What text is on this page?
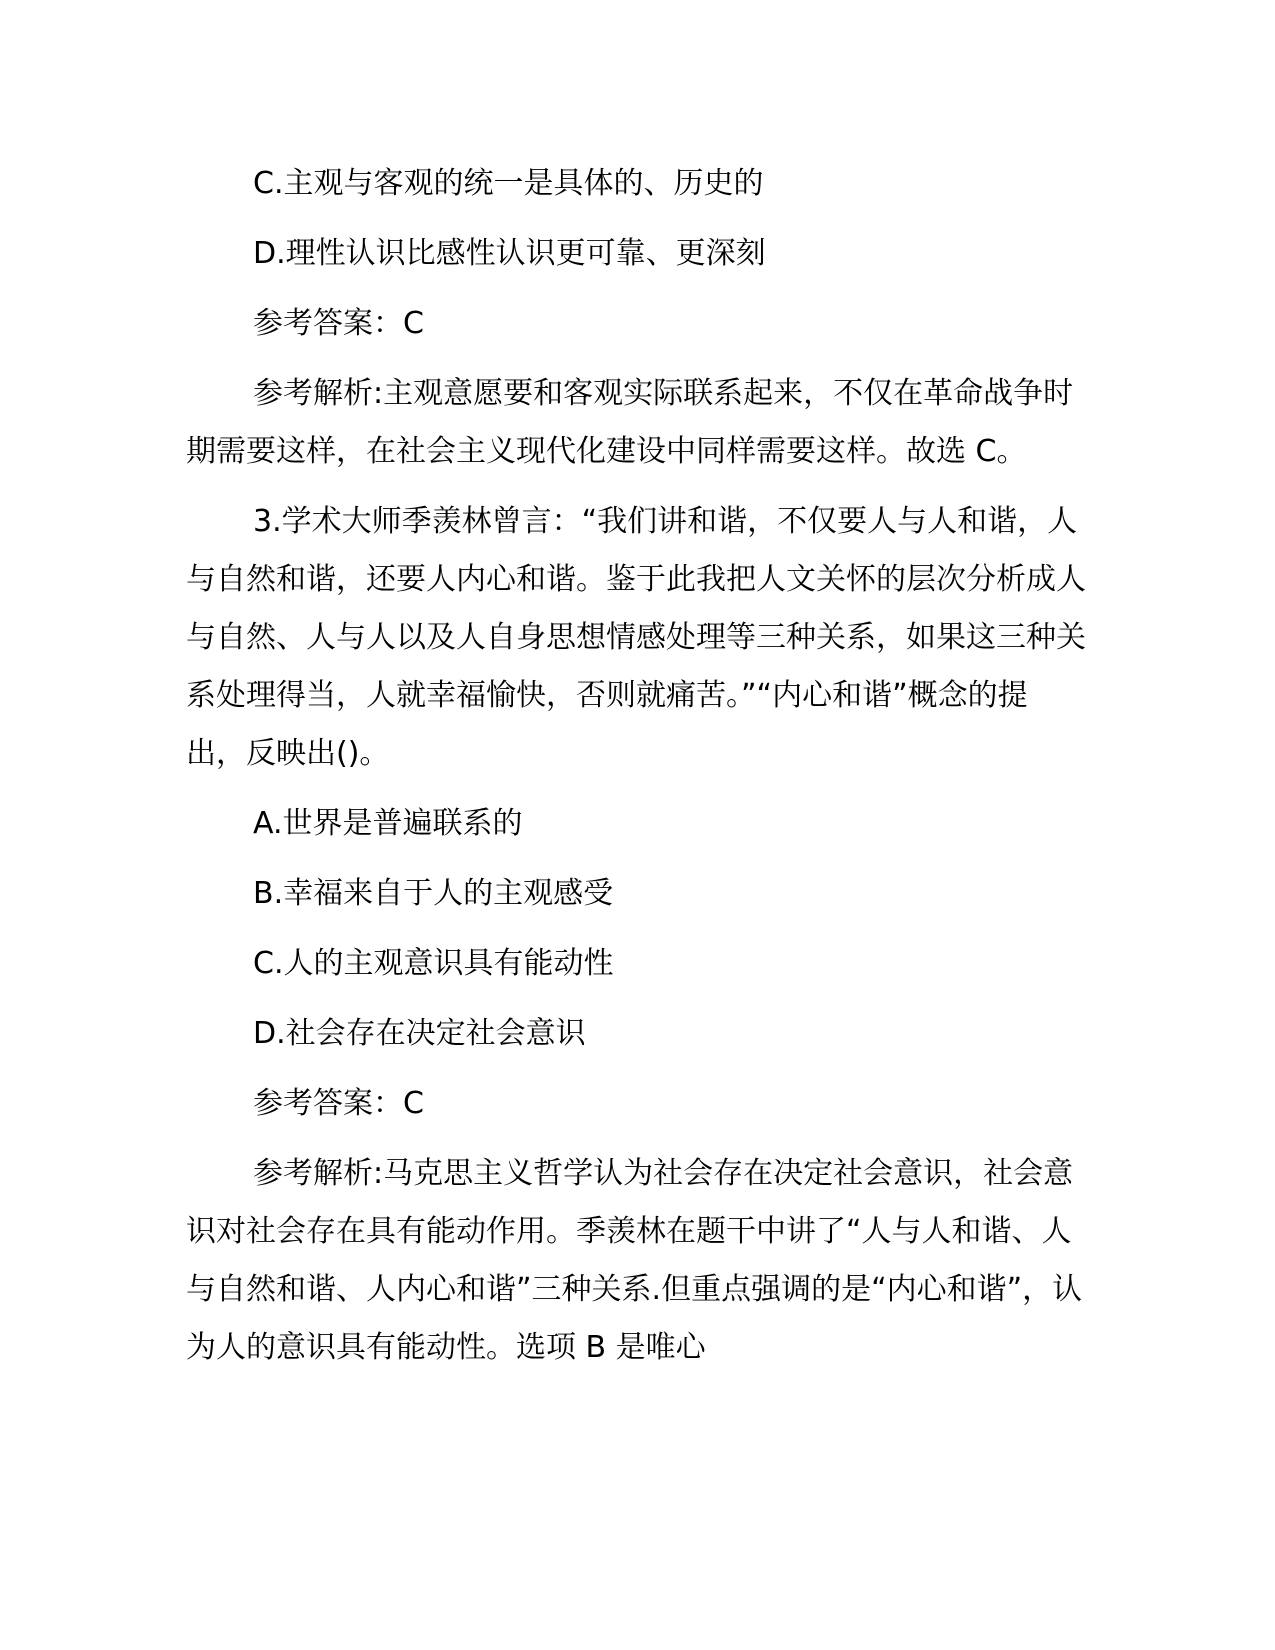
C.主观与客观的统一是具体的、历史的

D.理性认识比感性认识更可靠、更深刻

参考答案：C

参考解析:主观意愿要和客观实际联系起来，不仅在革命战争时期需要这样，在社会主义现代化建设中同样需要这样。故选 C。

3.学术大师季羡林曾言：“我们讲和谐，不仅要人与人和谐，人与自然和谐，还要人内心和谐。鉴于此我把人文关怀的层次分析成人与自然、人与人以及人自身思想情感处理等三种关系，如果这三种关系处理得当，人就幸福愉快，否则就痛苦。”“内心和谐”概念的提出，反映出()。

A.世界是普遍联系的

B.幸福来自于人的主观感受

C.人的主观意识具有能动性

D.社会存在决定社会意识

参考答案：C

参考解析:马克思主义哲学认为社会存在决定社会意识，社会意识对社会存在具有能动作用。季羡林在题干中讲了“人与人和谐、人与自然和谐、人内心和谐”三种关系.但重点强调的是“内心和谐”，认为人的意识具有能动性。选项 B 是唯心
